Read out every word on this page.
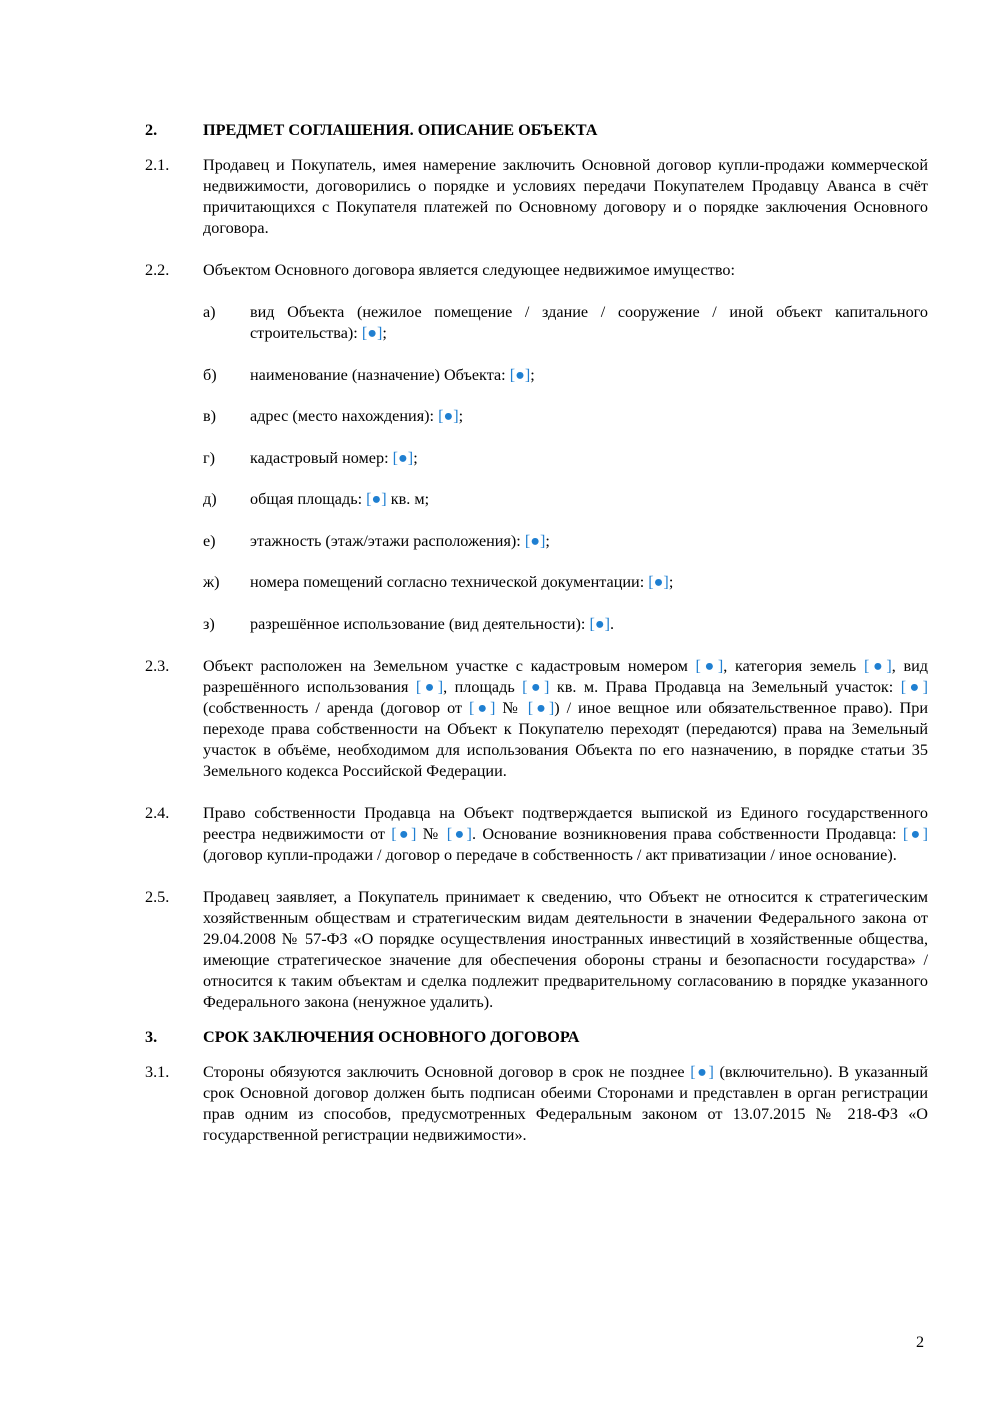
2.	ПРЕДМЕТ СОГЛАШЕНИЯ. ОПИСАНИЕ ОБЪЕКТА
2.1.	Продавец и Покупатель, имея намерение заключить Основной договор купли-продажи коммерческой недвижимости, договорились о порядке и условиях передачи Покупателем Продавцу Аванса в счёт причитающихся с Покупателя платежей по Основному договору и о порядке заключения Основного договора.
2.2.	Объектом Основного договора является следующее недвижимое имущество:
а)	вид Объекта (нежилое помещение / здание / сооружение / иной объект капитального строительства): [●];
б)	наименование (назначение) Объекта: [●];
в)	адрес (место нахождения): [●];
г)	кадастровый номер: [●];
д)	общая площадь: [●] кв. м;
е)	этажность (этаж/этажи расположения): [●];
ж)	номера помещений согласно технической документации: [●];
з)	разрешённое использование (вид деятельности): [●].
2.3.	Объект расположен на Земельном участке с кадастровым номером [●], категория земель [●], вид разрешённого использования [●], площадь [●] кв. м. Права Продавца на Земельный участок: [●] (собственность / аренда (договор от [●] № [●]) / иное вещное или обязательственное право). При переходе права собственности на Объект к Покупателю переходят (передаются) права на Земельный участок в объёме, необходимом для использования Объекта по его назначению, в порядке статьи 35 Земельного кодекса Российской Федерации.
2.4.	Право собственности Продавца на Объект подтверждается выпиской из Единого государственного реестра недвижимости от [●] № [●]. Основание возникновения права собственности Продавца: [●] (договор купли-продажи / договор о передаче в собственность / акт приватизации / иное основание).
2.5.	Продавец заявляет, а Покупатель принимает к сведению, что Объект не относится к стратегическим хозяйственным обществам и стратегическим видам деятельности в значении Федерального закона от 29.04.2008 № 57-ФЗ «О порядке осуществления иностранных инвестиций в хозяйственные общества, имеющие стратегическое значение для обеспечения обороны страны и безопасности государства» / относится к таким объектам и сделка подлежит предварительному согласованию в порядке указанного Федерального закона (ненужное удалить).
3.	СРОК ЗАКЛЮЧЕНИЯ ОСНОВНОГО ДОГОВОРА
3.1.	Стороны обязуются заключить Основной договор в срок не позднее [●] (включительно). В указанный срок Основной договор должен быть подписан обеими Сторонами и представлен в орган регистрации прав одним из способов, предусмотренных Федеральным законом от 13.07.2015 № 218-ФЗ «О государственной регистрации недвижимости».
2
